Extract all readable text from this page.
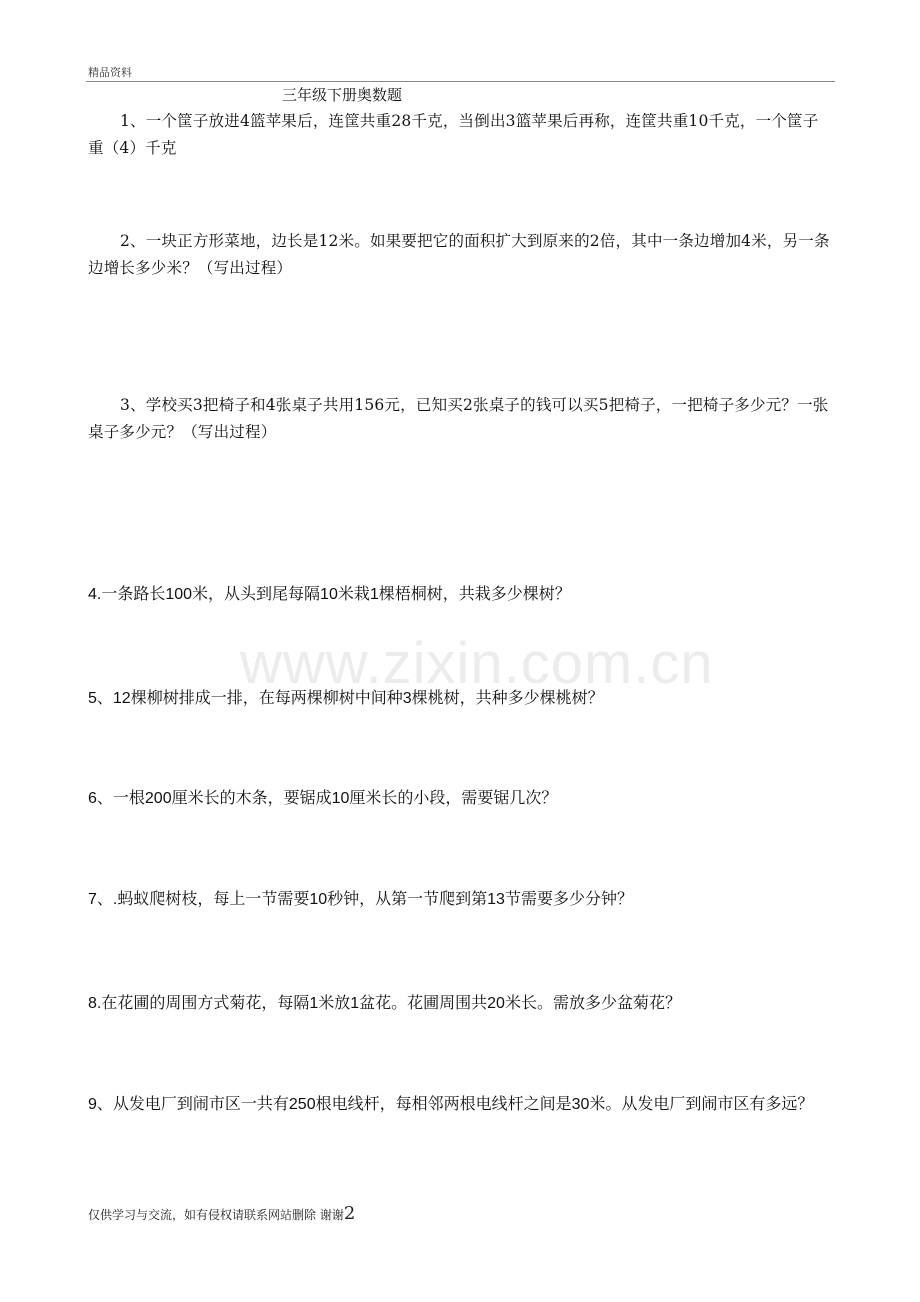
精品资料
三年级下册奥数题
1、一个筐子放进4篮苹果后，连筐共重28千克，当倒出3篮苹果后再称，连筐共重10千克，一个筐子重（4）千克
2、一块正方形菜地，边长是12米。如果要把它的面积扩大到原来的2倍，其中一条边增加4米，另一条边增长多少米？（写出过程）
3、学校买3把椅子和4张桌子共用156元，已知买2张桌子的钱可以买5把椅子，一把椅子多少元？一张桌子多少元？（写出过程）
4.一条路长100米，从头到尾每隔10米栽1棵梧桐树，共栽多少棵树？
5、12棵柳树排成一排，在每两棵柳树中间种3棵桃树，共种多少棵桃树？
6、一根200厘米长的木条，要锯成10厘米长的小段，需要锯几次？
7、.蚂蚁爬树枝，每上一节需要10秒钟，从第一节爬到第13节需要多少分钟？
8.在花圃的周围方式菊花，每隔1米放1盆花。花圃周围共20米长。需放多少盆菊花？
9、从发电厂到闹市区一共有250根电线杆，每相邻两根电线杆之间是30米。从发电厂到闹市区有多远？
www.zixin.com.cn
仅供学习与交流，如有侵权请联系网站删除 谢谢2
